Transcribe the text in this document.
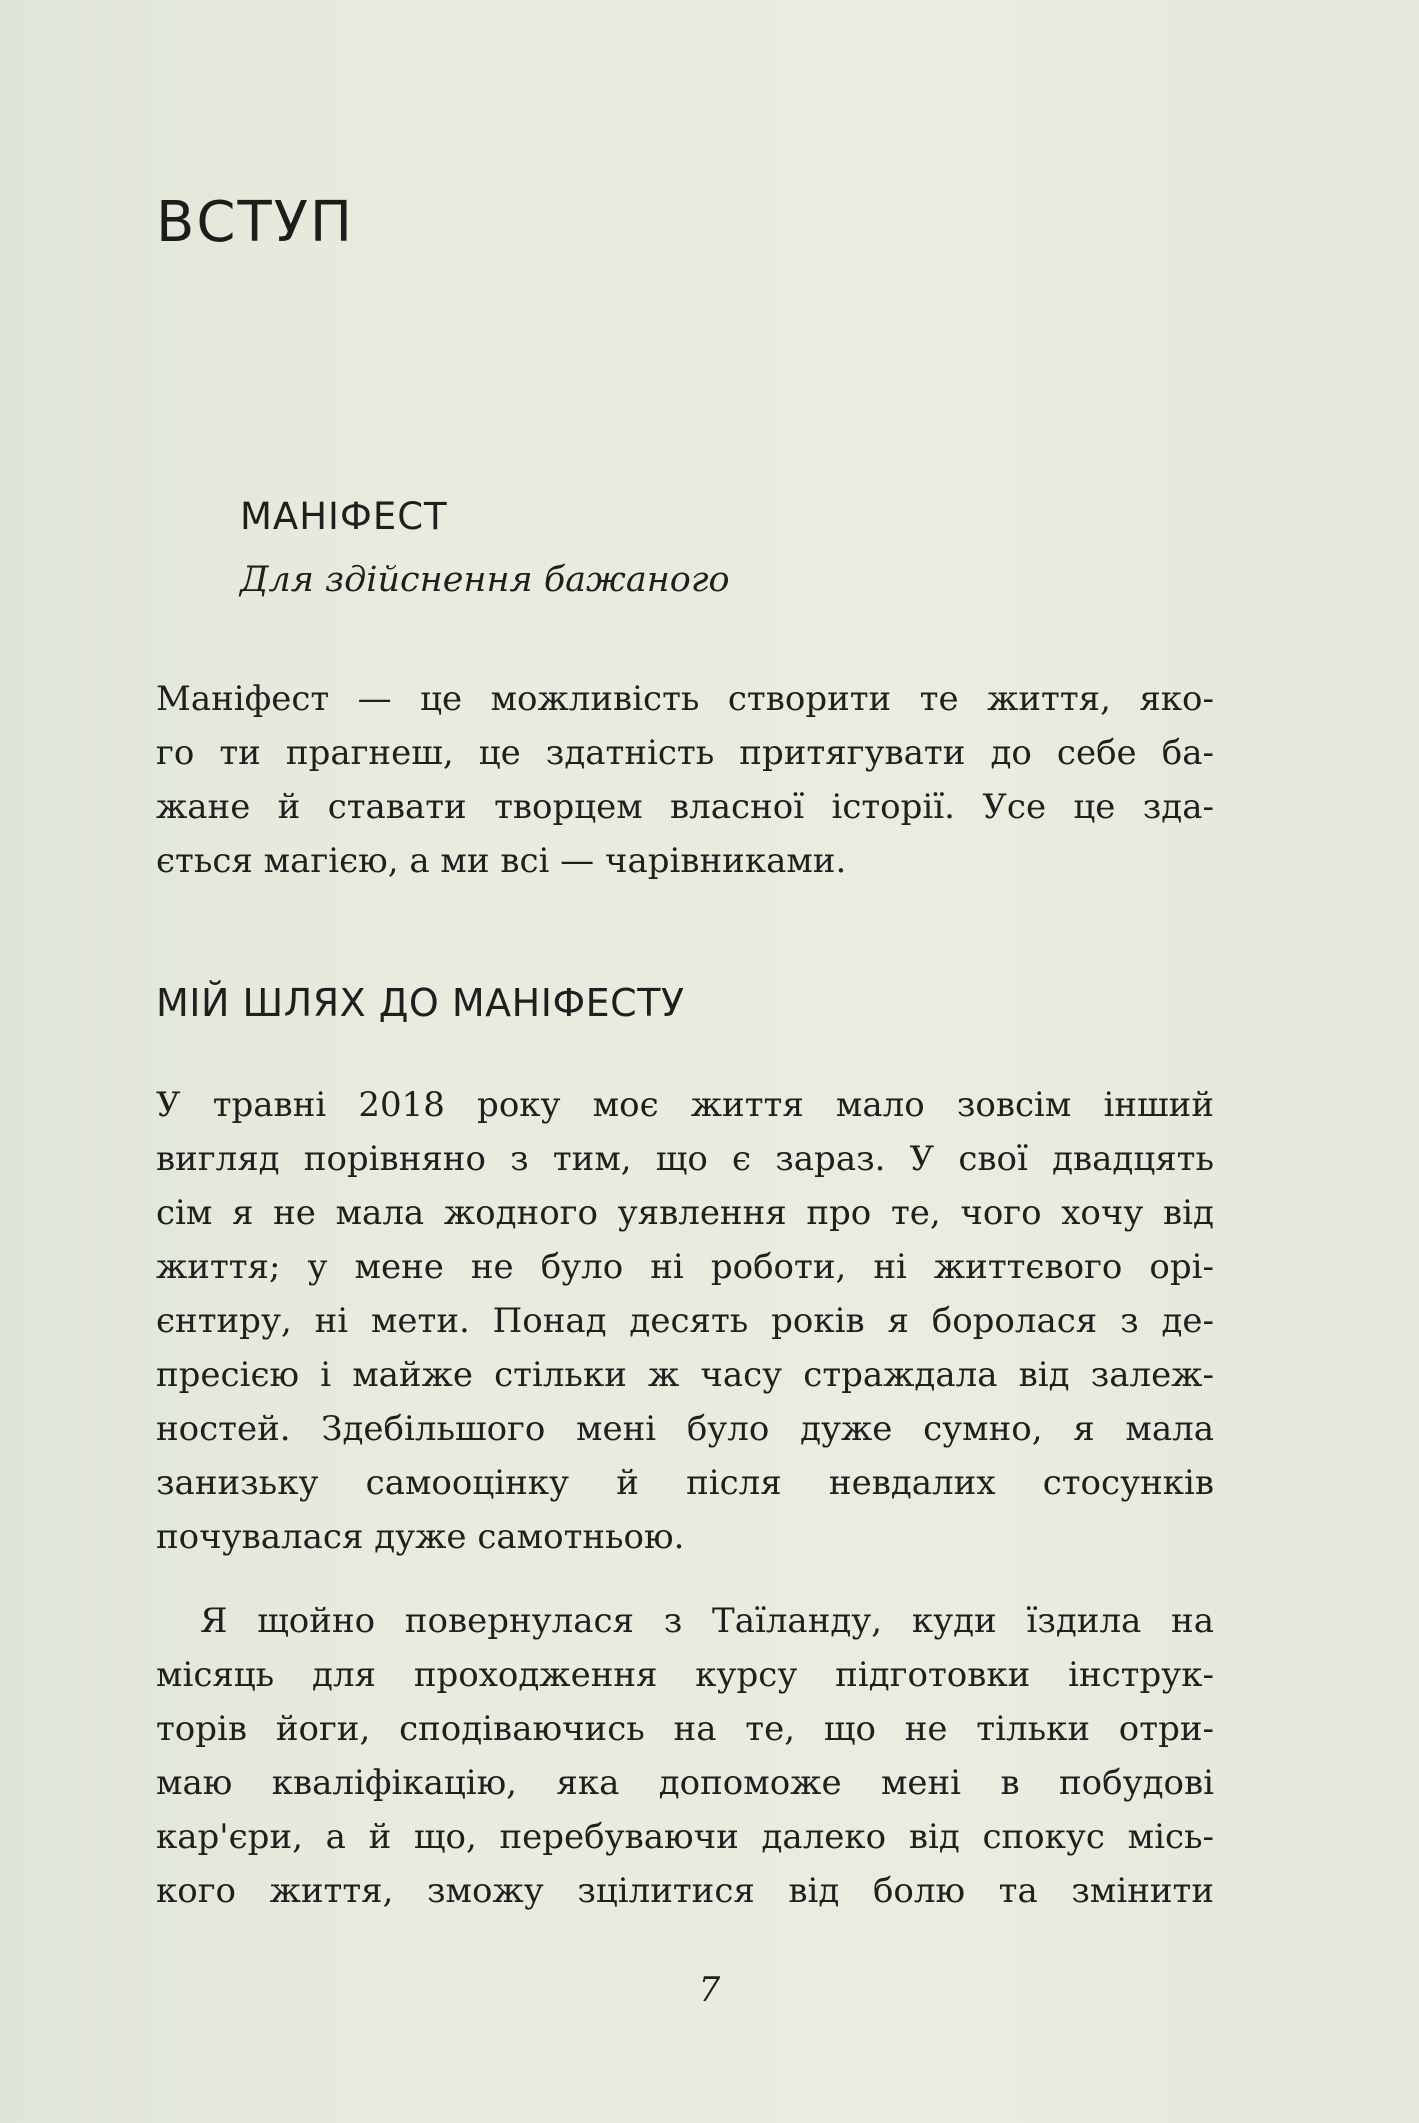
ВСТУП
МАНІФЕСТ

Для здійснення бажаного

Маніфест — це можливість створити те життя, яко-
го ти прагнеш, це здатність притягувати до себе ба-
жане й ставати творцем власної історії. Усе це зда-
ється магією, а ми всі — чарівниками.
МІЙ ШЛЯХ ДО МАНІФЕСТУ
У травні 2018 року моє життя мало зовсім інший
вигляд порівняно з тим, що є зараз. У свої двадцять
сім я не мала жодного уявлення про те, чого хочу від
життя; у мене не було ні роботи, ні життєвого орі-
єнтиру, ні мети. Понад десять років я боролася з де-
пресією і майже стільки ж часу страждала від залеж-
ностей. Здебільшого мені було дуже сумно, я мала
занизьку самооцінку й після невдалих стосунків
почувалася дуже самотньою.
Я щойно повернулася з Таїланду, куди їздила на
місяць для проходження курсу підготовки інструк-
торів йоги, сподіваючись на те, що не тільки отри-
маю кваліфікацію, яка допоможе мені в побудові
кар'єри, а й що, перебуваючи далеко від спокус місь-
кого життя, зможу зцілитися від болю та змінити
7
